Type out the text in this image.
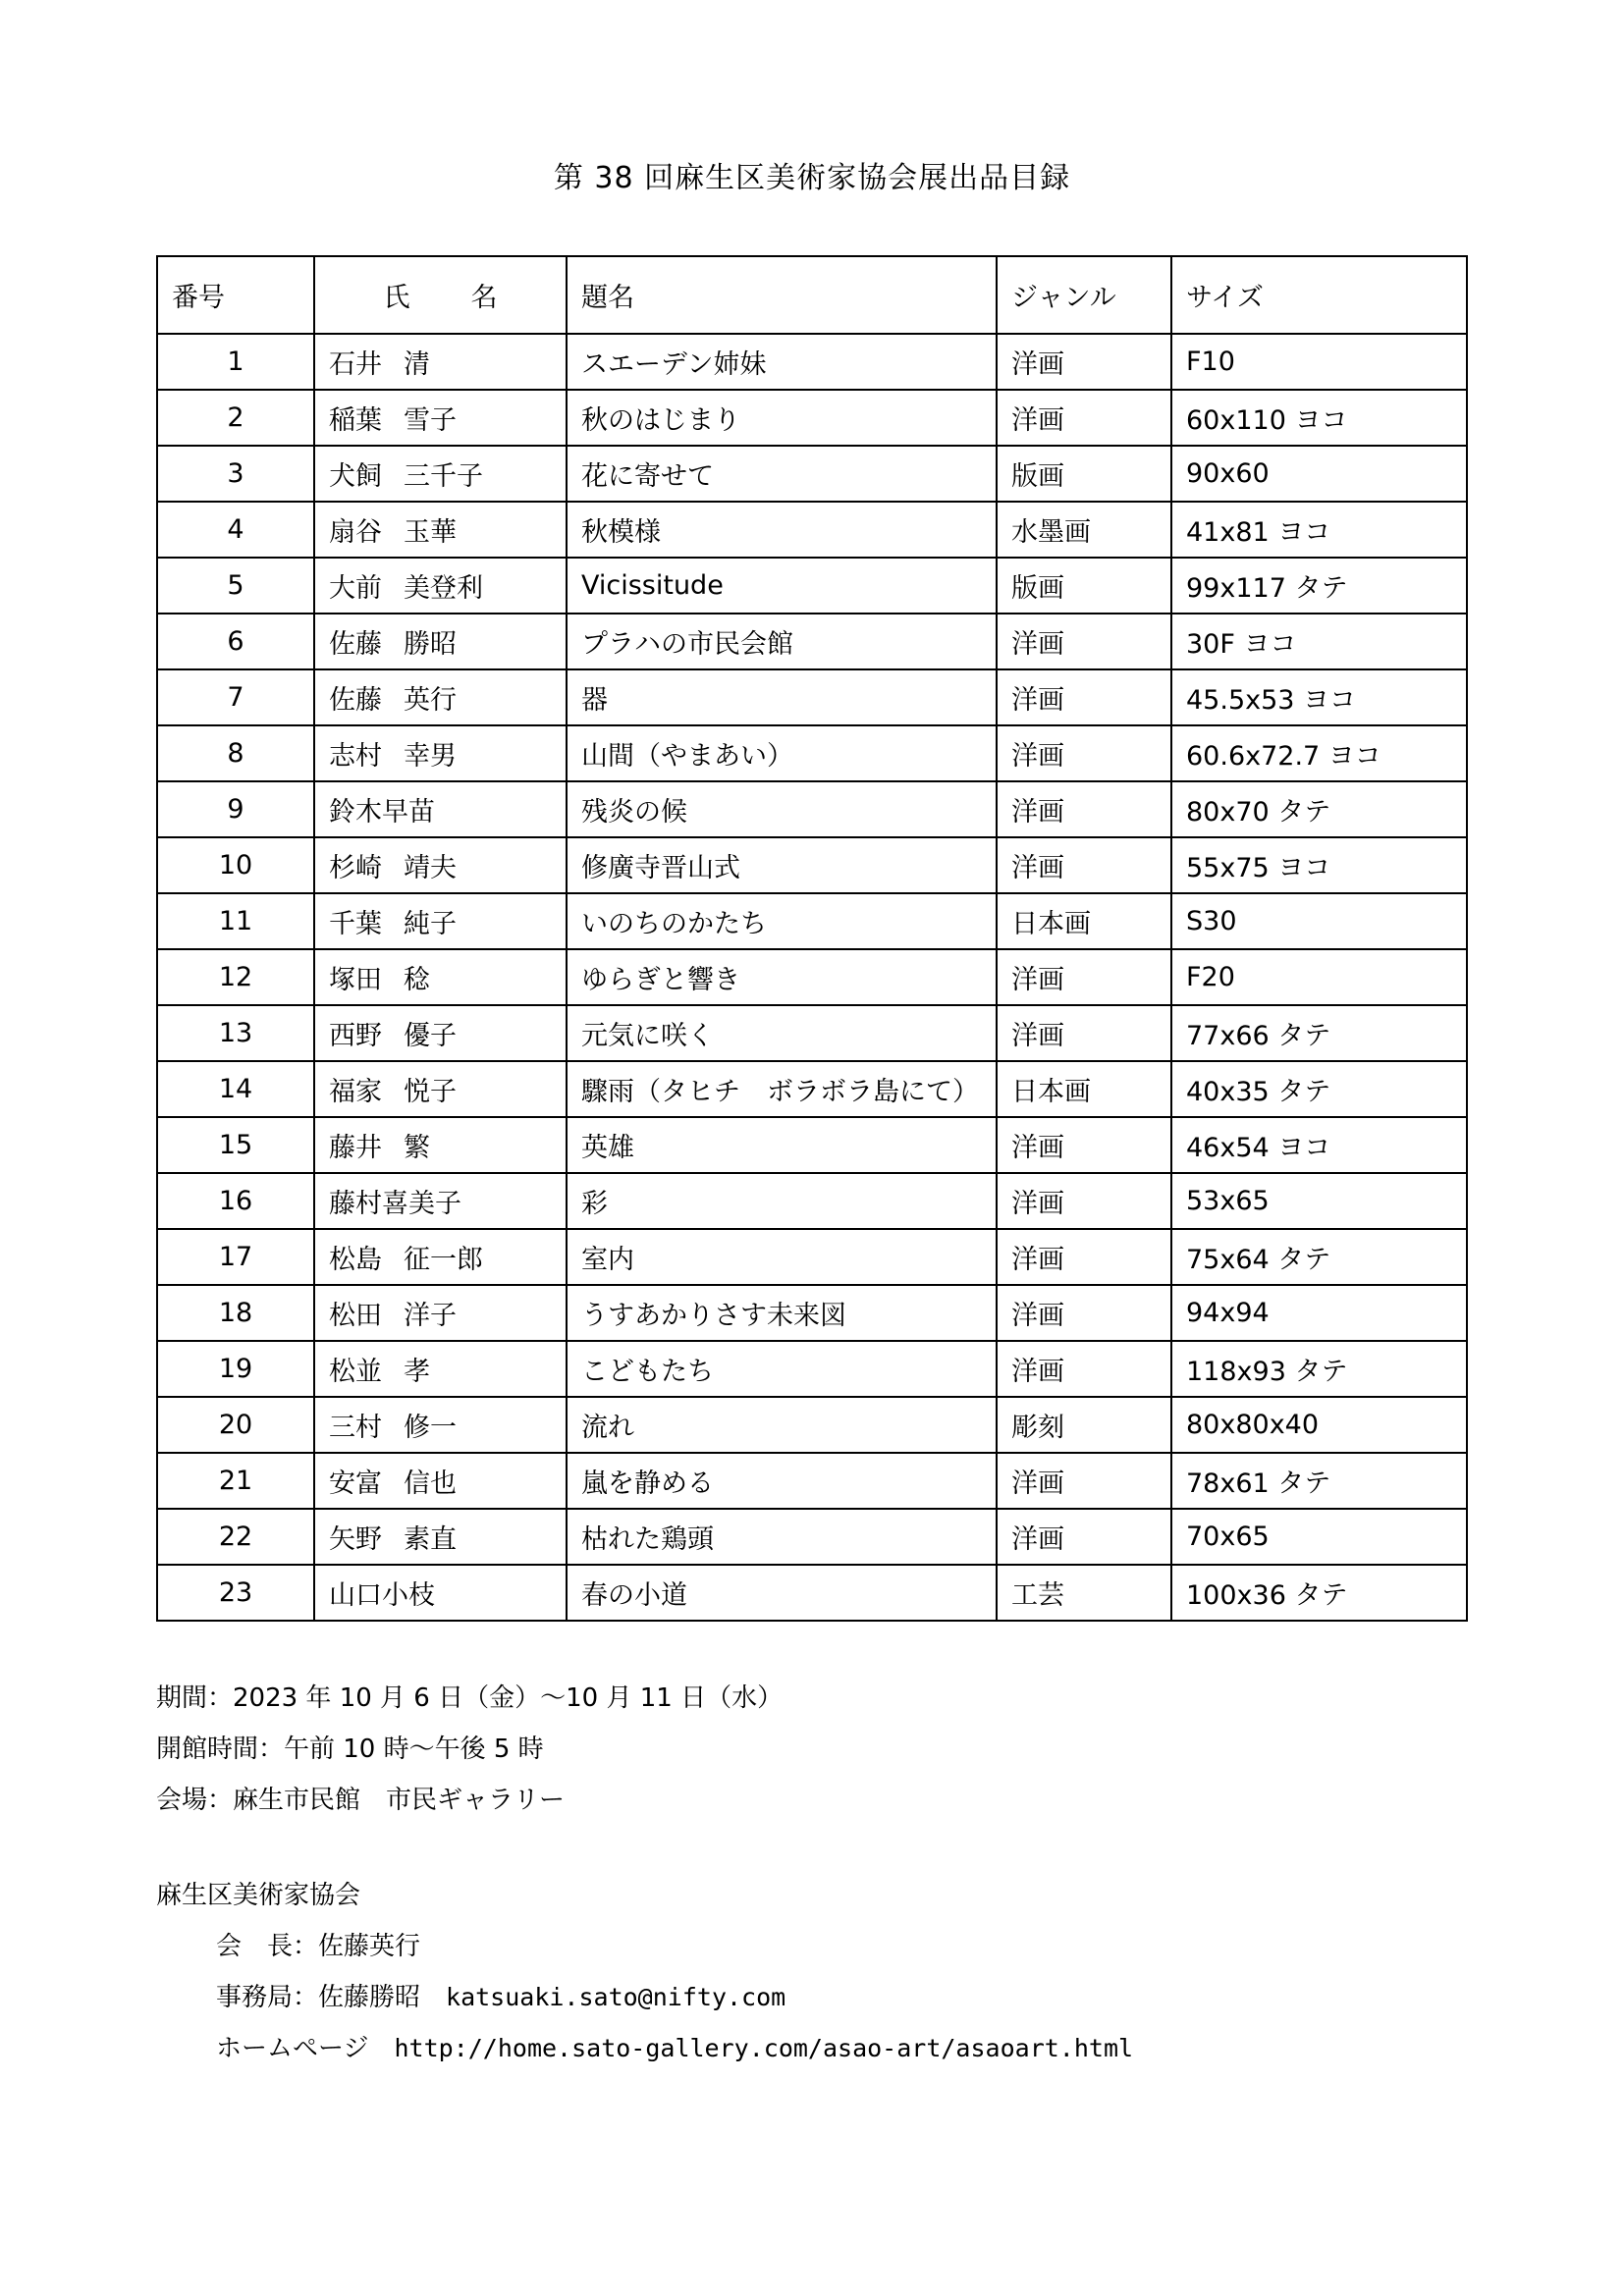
第 38 回麻生区美術家協会展出品目録
番号	氏 名	題名	ジャンル	サイズ
1	石井 清	スエーデン姉妹	洋画	F10
2	稲葉 雪子	秋のはじまり	洋画	60x110 ヨコ
3	犬飼 三千子	花に寄せて	版画	90x60
4	扇谷 玉華	秋模様	水墨画	41x81 ヨコ
5	大前 美登利	Vicissitude	版画	99x117 タテ
6	佐藤 勝昭	プラハの市民会館	洋画	30F ヨコ
7	佐藤 英行	器	洋画	45.5x53 ヨコ
8	志村 幸男	山間（やまあい）	洋画	60.6x72.7 ヨコ
9	鈴木早苗	残炎の候	洋画	80x70 タテ
10	杉崎 靖夫	修廣寺晋山式	洋画	55x75 ヨコ
11	千葉 純子	いのちのかたち	日本画	S30
12	塚田 稔	ゆらぎと響き	洋画	F20
13	西野 優子	元気に咲く	洋画	77x66 タテ
14	福家 悦子	驟雨（タヒチ　ボラボラ島にて）	日本画	40x35 タテ
15	藤井 繁	英雄	洋画	46x54 ヨコ
16	藤村喜美子	彩	洋画	53x65
17	松島 征一郎	室内	洋画	75x64 タテ
18	松田 洋子	うすあかりさす未来図	洋画	94x94
19	松並 孝	こどもたち	洋画	118x93 タテ
20	三村 修一	流れ	彫刻	80x80x40
21	安富 信也	嵐を静める	洋画	78x61 タテ
22	矢野 素直	枯れた鶏頭	洋画	70x65
23	山口小枝	春の小道	工芸	100x36 タテ
期間：2023 年 10 月 6 日（金）～10 月 11 日（水）
開館時間：午前 10 時～午後 5 時
会場：麻生市民館　市民ギャラリー
麻生区美術家協会
会　長：佐藤英行
事務局：佐藤勝昭 katsuaki.sato@nifty.com
ホームページ http://home.sato-gallery.com/asao-art/asaoart.html
